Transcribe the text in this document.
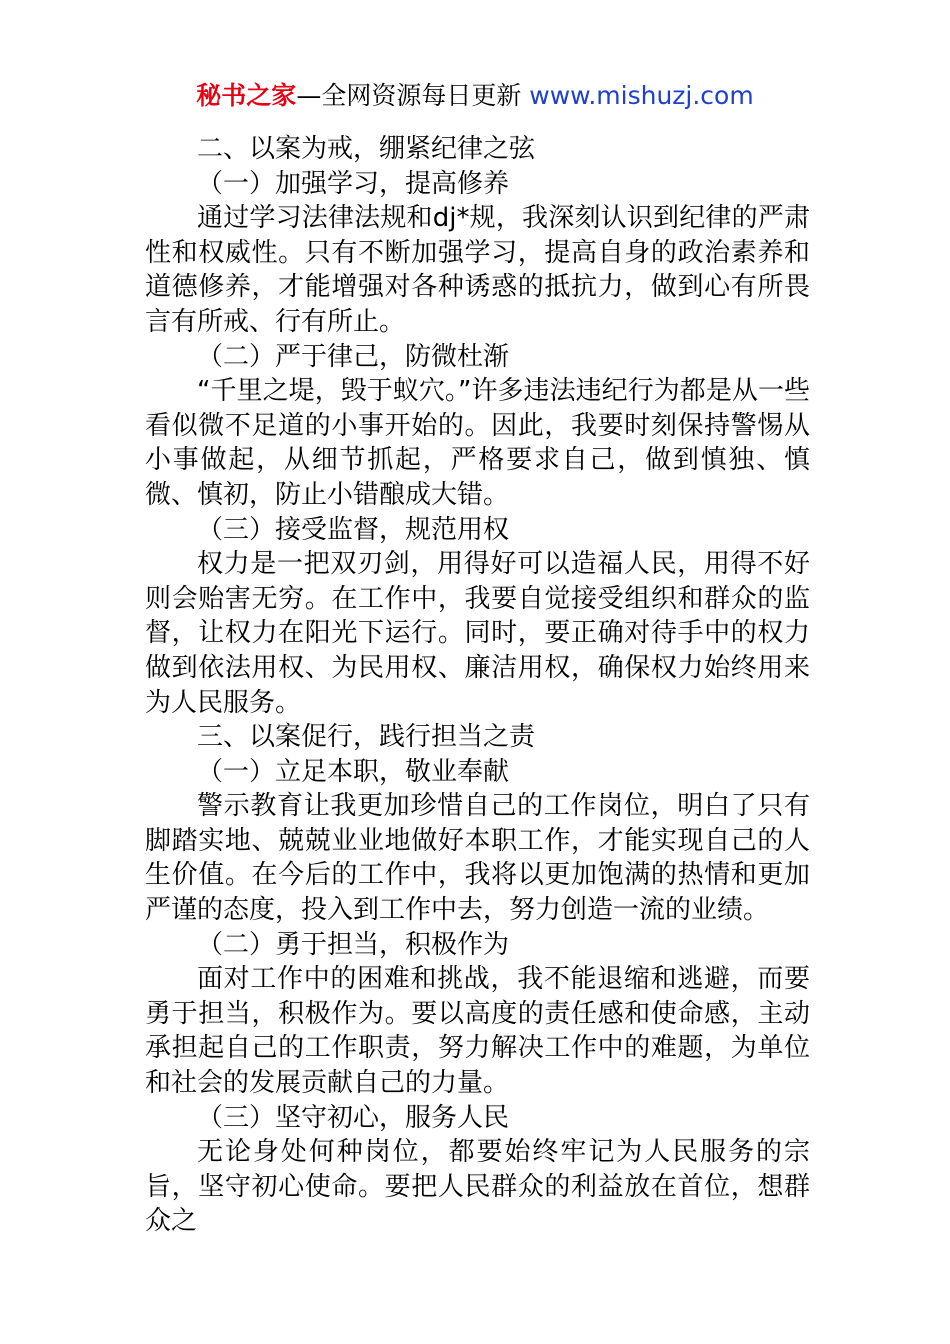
秘书之家—全网资源每日更新 www.mishuzj.com

二、以案为戒，绷紧纪律之弦

（一）加强学习，提高修养

通过学习法律法规和dj*规，我深刻认识到纪律的严肃性和权威性。只有不断加强学习，提高自身的政治素养和道德修养，才能增强对各种诱惑的抵抗力，做到心有所畏言有所戒、行有所止。

（二）严于律己，防微杜渐

“千里之堤，毁于蚁穴。”许多违法违纪行为都是从一些看似微不足道的小事开始的。因此，我要时刻保持警惕从小事做起，从细节抓起，严格要求自己，做到慎独、慎微、慎初，防止小错酿成大错。

（三）接受监督，规范用权

权力是一把双刃剑，用得好可以造福人民，用得不好则会贻害无穷。在工作中，我要自觉接受组织和群众的监督，让权力在阳光下运行。同时，要正确对待手中的权力做到依法用权、为民用权、廉洁用权，确保权力始终用来为人民服务。

三、以案促行，践行担当之责

（一）立足本职，敬业奉献

警示教育让我更加珍惜自己的工作岗位，明白了只有脚踏实地、兢兢业业地做好本职工作，才能实现自己的人生价值。在今后的工作中，我将以更加饱满的热情和更加严谨的态度，投入到工作中去，努力创造一流的业绩。

（二）勇于担当，积极作为

面对工作中的困难和挑战，我不能退缩和逃避，而要勇于担当，积极作为。要以高度的责任感和使命感，主动承担起自己的工作职责，努力解决工作中的难题，为单位和社会的发展贡献自己的力量。

（三）坚守初心，服务人民

无论身处何种岗位，都要始终牢记为人民服务的宗旨，坚守初心使命。要把人民群众的利益放在首位，想群众之
